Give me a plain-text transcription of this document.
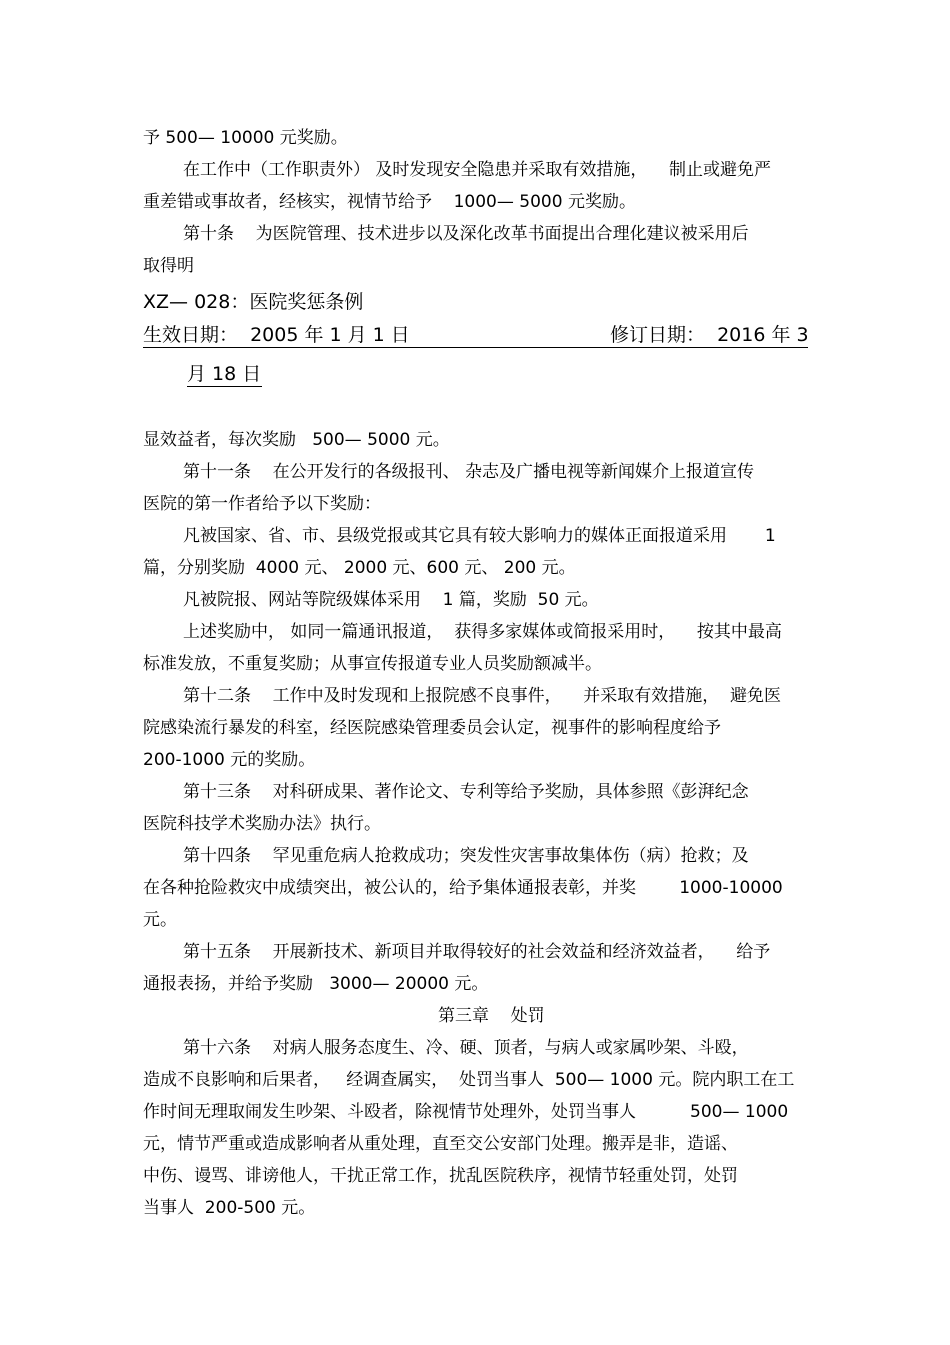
予 500— 10000 元奖励。
在工作中（工作职责外） 及时发现安全隐患并采取有效措施，    制止或避免严
重差错或事故者，经核实，视情节给予    1000— 5000 元奖励。
第十条    为医院管理、技术进步以及深化改革书面提出合理化建议被采用后
取得明
XZ— 028：医院奖惩条例
生效日期：  2005 年 1 月 1 日	修订日期：  2016 年 3
月 18 日
显效益者，每次奖励   500— 5000 元。
第十一条    在公开发行的各级报刊、 杂志及广播电视等新闻媒介上报道宣传
医院的第一作者给予以下奖励：
凡被国家、省、市、县级党报或其它具有较大影响力的媒体正面报道采用       1
篇，分别奖励  4000 元、 2000 元、600 元、 200 元。
凡被院报、网站等院级媒体采用    1 篇，奖励  50 元。
上述奖励中， 如同一篇通讯报道，  获得多家媒体或简报采用时，    按其中最高
标准发放，不重复奖励；从事宣传报道专业人员奖励额减半。
第十二条    工作中及时发现和上报院感不良事件，    并采取有效措施，  避免医
院感染流行暴发的科室，经医院感染管理委员会认定，视事件的影响程度给予
200-1000 元的奖励。
第十三条    对科研成果、著作论文、专利等给予奖励，具体参照《彭湃纪念
医院科技学术奖励办法》执行。
第十四条    罕见重危病人抢救成功；突发性灾害事故集体伤（病）抢救；及
在各种抢险救灾中成绩突出，被公认的，给予集体通报表彰，并奖        1000-10000
元。
第十五条    开展新技术、新项目并取得较好的社会效益和经济效益者，    给予
通报表扬，并给予奖励   3000— 20000 元。
第三章    处罚
第十六条    对病人服务态度生、冷、硬、顶者，与病人或家属吵架、斗殴，
造成不良影响和后果者，   经调查属实，  处罚当事人  500— 1000 元。院内职工在工
作时间无理取闹发生吵架、斗殴者，除视情节处理外，处罚当事人          500— 1000
元，情节严重或造成影响者从重处理，直至交公安部门处理。搬弄是非，造谣、
中伤、谩骂、诽谤他人，干扰正常工作，扰乱医院秩序，视情节轻重处罚，处罚
当事人  200-500 元。
